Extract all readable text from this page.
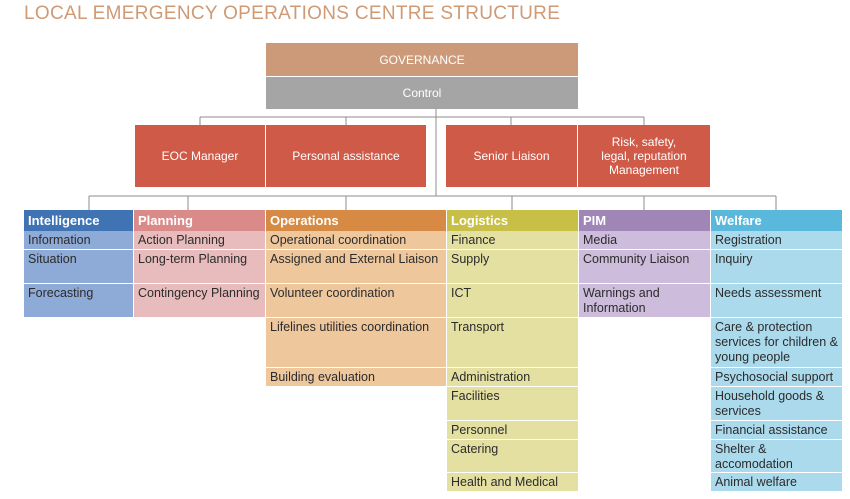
LOCAL EMERGENCY OPERATIONS CENTRE STRUCTURE
GOVERNANCE
Control
EOC Manager	Personal assistance	Senior Liaison
Risk, safety,
legal, reputation
Management
Intelligence
Information
Situation
Forecasting
Planning
Action Planning
Long-term Planning
Contingency Planning
Operations
Operational coordination
Assigned and External Liaison
Volunteer coordination
Lifelines utilities coordination
Building evaluation
Logistics
Finance
Supply
ICT
Transport
Administration
Facilities
Personnel
Catering
Health and Medical
PIM
Media
Community Liaison
Warnings and Information
Welfare
Registration
Inquiry
Needs assessment
Care & protection services for children & young people
Psychosocial support
Household goods & services
Financial assistance
Shelter & accomodation
Animal welfare
